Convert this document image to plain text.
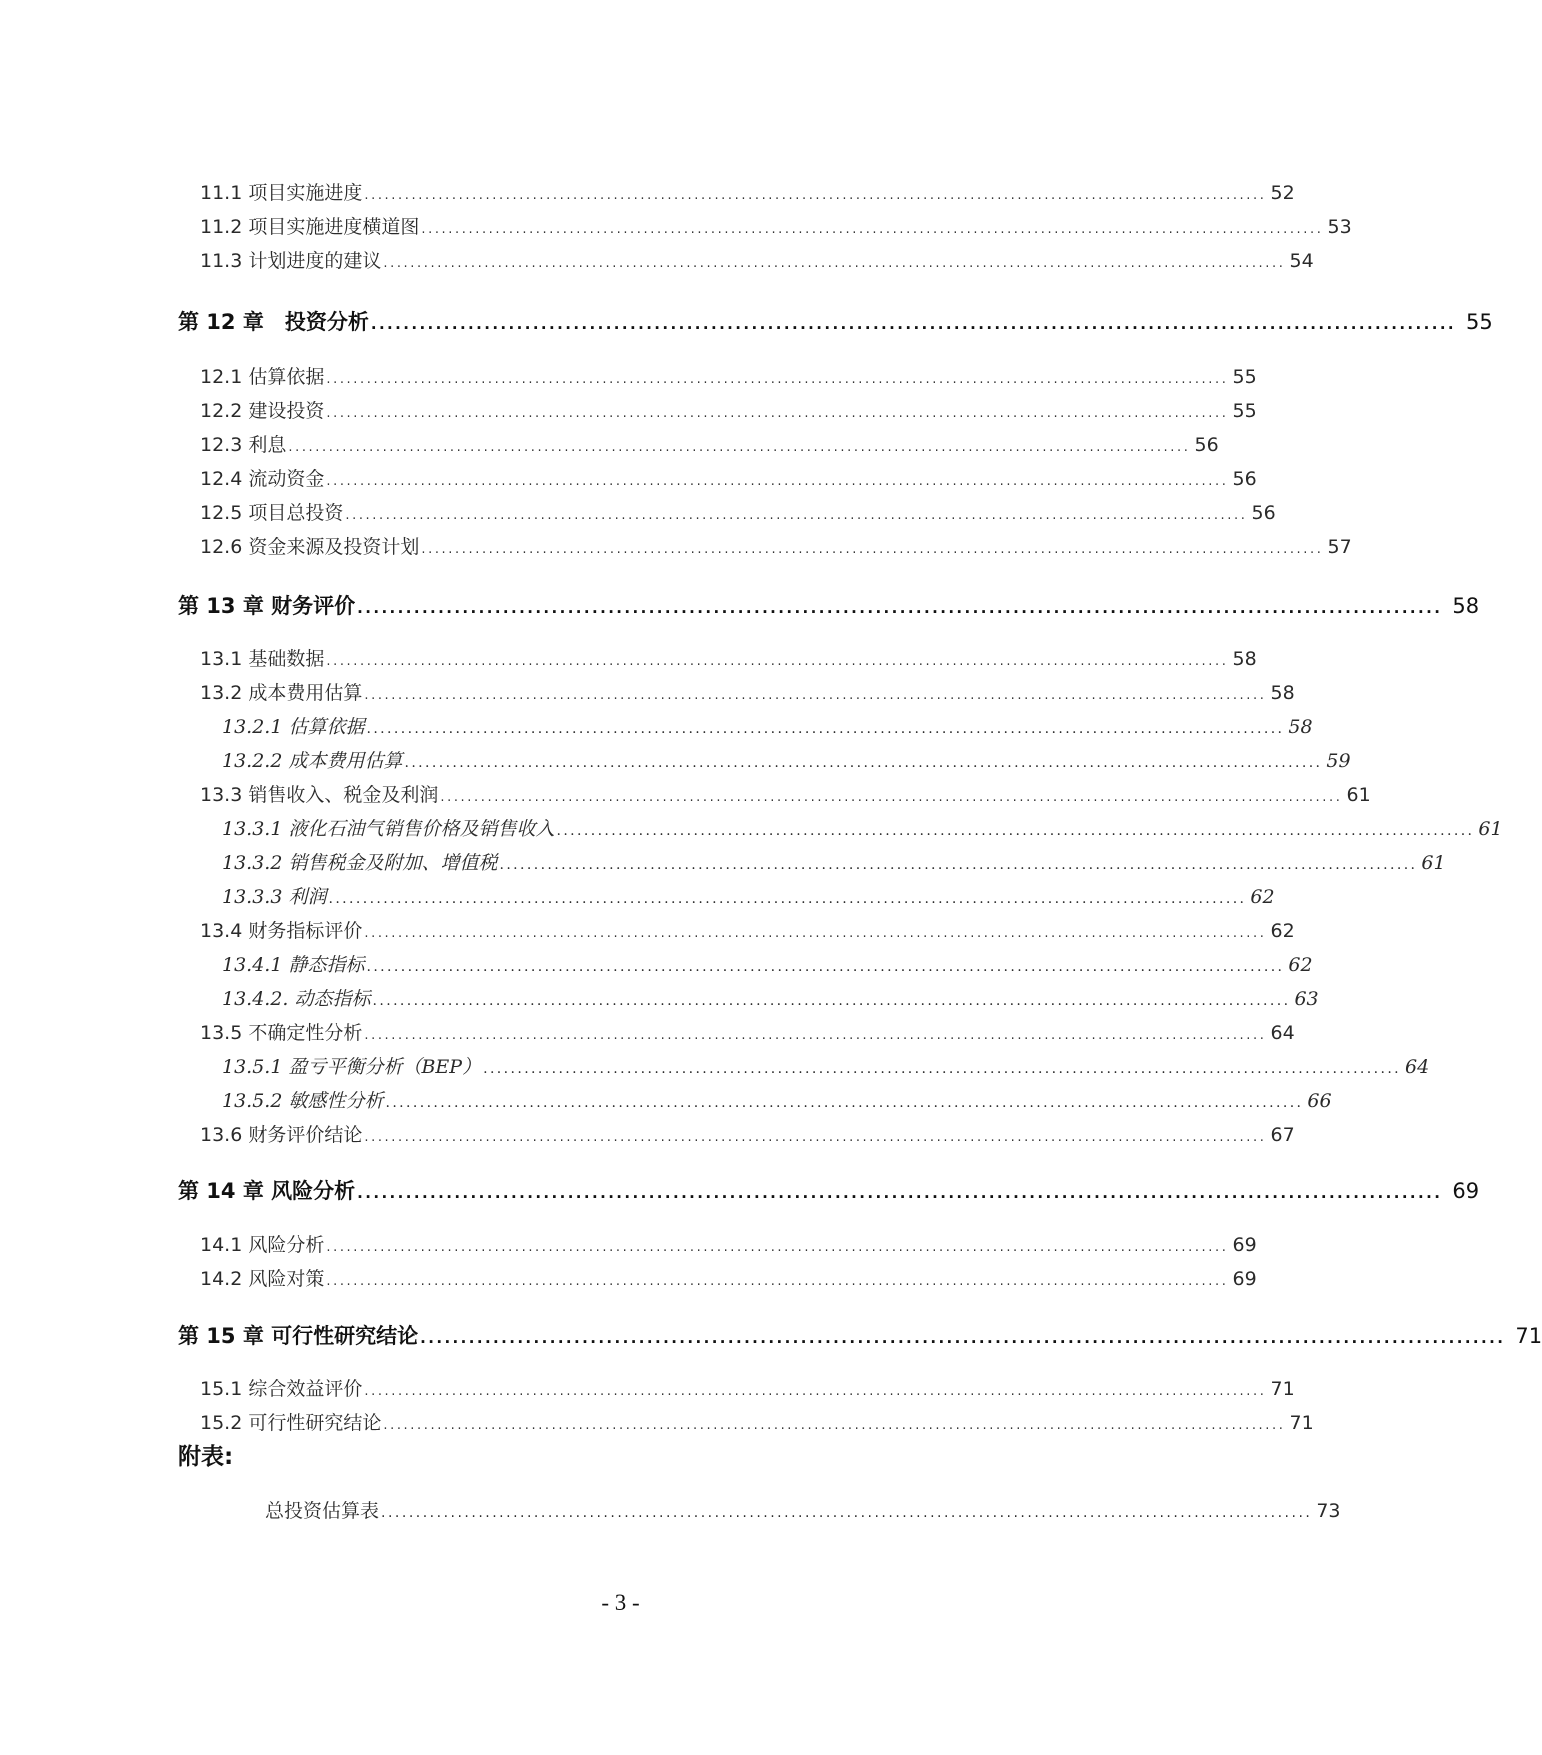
11.1 项目实施进度 ...................................................................................................................................... 52
11.2 项目实施进度横道图 ...................................................................................................................................... 53
11.3 计划进度的建议 ...................................................................................................................................... 54
第 12 章　投资分析 ...................................................................................................................................... 55
12.1 估算依据 ...................................................................................................................................... 55
12.2 建设投资 ...................................................................................................................................... 55
12.3 利息 ...................................................................................................................................... 56
12.4 流动资金 ...................................................................................................................................... 56
12.5 项目总投资 ...................................................................................................................................... 56
12.6 资金来源及投资计划 ...................................................................................................................................... 57
第 13 章 财务评价 ...................................................................................................................................... 58
13.1 基础数据 ...................................................................................................................................... 58
13.2 成本费用估算 ...................................................................................................................................... 58
13.2.1 估算依据 ...................................................................................................................................... 58
13.2.2 成本费用估算 ...................................................................................................................................... 59
13.3 销售收入、税金及利润 ...................................................................................................................................... 61
13.3.1 液化石油气销售价格及销售收入 ...................................................................................................................................... 61
13.3.2 销售税金及附加、增值税 ...................................................................................................................................... 61
13.3.3 利润 ...................................................................................................................................... 62
13.4 财务指标评价 ...................................................................................................................................... 62
13.4.1 静态指标 ...................................................................................................................................... 62
13.4.2. 动态指标 ...................................................................................................................................... 63
13.5 不确定性分析 ...................................................................................................................................... 64
13.5.1 盈亏平衡分析（BEP） ...................................................................................................................................... 64
13.5.2 敏感性分析 ...................................................................................................................................... 66
13.6 财务评价结论 ...................................................................................................................................... 67
第 14 章 风险分析 ...................................................................................................................................... 69
14.1 风险分析 ...................................................................................................................................... 69
14.2 风险对策 ...................................................................................................................................... 69
第 15 章 可行性研究结论 ...................................................................................................................................... 71
15.1 综合效益评价 ...................................................................................................................................... 71
15.2 可行性研究结论 ...................................................................................................................................... 71
附表:
总投资估算表 ...................................................................................................................................... 73
- 3 -
